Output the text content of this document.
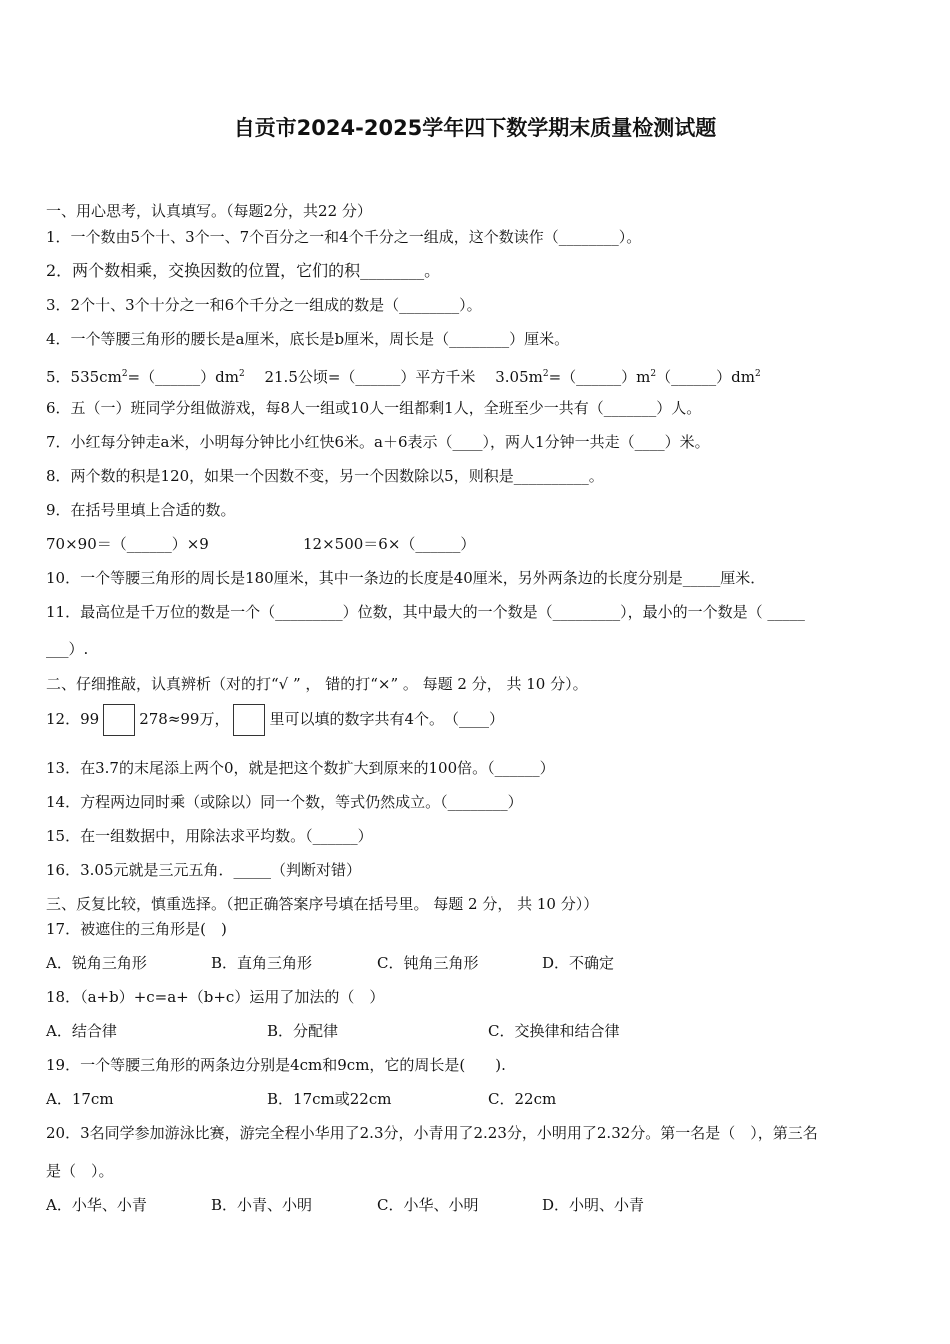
自贡市2024-2025学年四下数学期末质量检测试题
一、用心思考，认真填写。（每题2分，共22 分）
1．一个数由5个十、3个一、7个百分之一和4个千分之一组成，这个数读作（________）。
2．两个数相乘，交换因数的位置，它们的积________。
3．2个十、3个十分之一和6个千分之一组成的数是（________）。
4．一个等腰三角形的腰长是a厘米，底长是b厘米，周长是（________）厘米。
5．$535cm^2=(\_\_\_\_\_\_)dm^2$　 21.5公顷=（______）平方千米　 $3.05m^2=(\_\_\_\_\_\_)m^2(\_\_\_\_\_\_)dm^2$
6．五（一）班同学分组做游戏，每8人一组或10人一组都剩1人，全班至少一共有（_______）人。
7．小红每分钟走a米，小明每分钟比小红快6米。a＋6表示（____），两人1分钟一共走（____）米。
8．两个数的积是120，如果一个因数不变，另一个因数除以5，则积是__________。
9．在括号里填上合适的数。
70×90＝（______）×9	12×500＝6×（______）
10．一个等腰三角形的周长是180厘米，其中一条边的长度是40厘米，另外两条边的长度分别是_____厘米．
11．最高位是千万位的数是一个（_________）位数，其中最大的一个数是（_________），最小的一个数是（ _____
___）.
二、仔细推敲，认真辨析（对的打“√ ” ， 错的打“×” 。 每题 2 分， 共 10 分）。
12．99	278≈99万，	里可以填的数字共有4个。　（____）
13．在3.7的末尾添上两个0，就是把这个数扩大到原来的100倍。（______）
14．方程两边同时乘（或除以）同一个数，等式仍然成立。（________）
15．在一组数据中，用除法求平均数。（______）
16．3.05元就是三元五角．_____（判断对错）
三、反复比较，慎重选择。（把正确答案序号填在括号里。 每题 2 分， 共 10 分））
17．被遮住的三角形是(　)
A．锐角三角形	B．直角三角形	C．钝角三角形	D．不确定
18．（a+b）+c=a+（b+c）运用了加法的（　）
A．结合律	B．分配律	C．交换律和结合律
19．一个等腰三角形的两条边分别是4cm和9cm，它的周长是(　　).
A．17cm	B．17cm或22cm	C．22cm
20．3名同学参加游泳比赛，游完全程小华用了2.3分，小青用了2.23分，小明用了2.32分。第一名是（　），第三名
是（　）。
A．小华、小青	B．小青、小明	C．小华、小明	D．小明、小青
